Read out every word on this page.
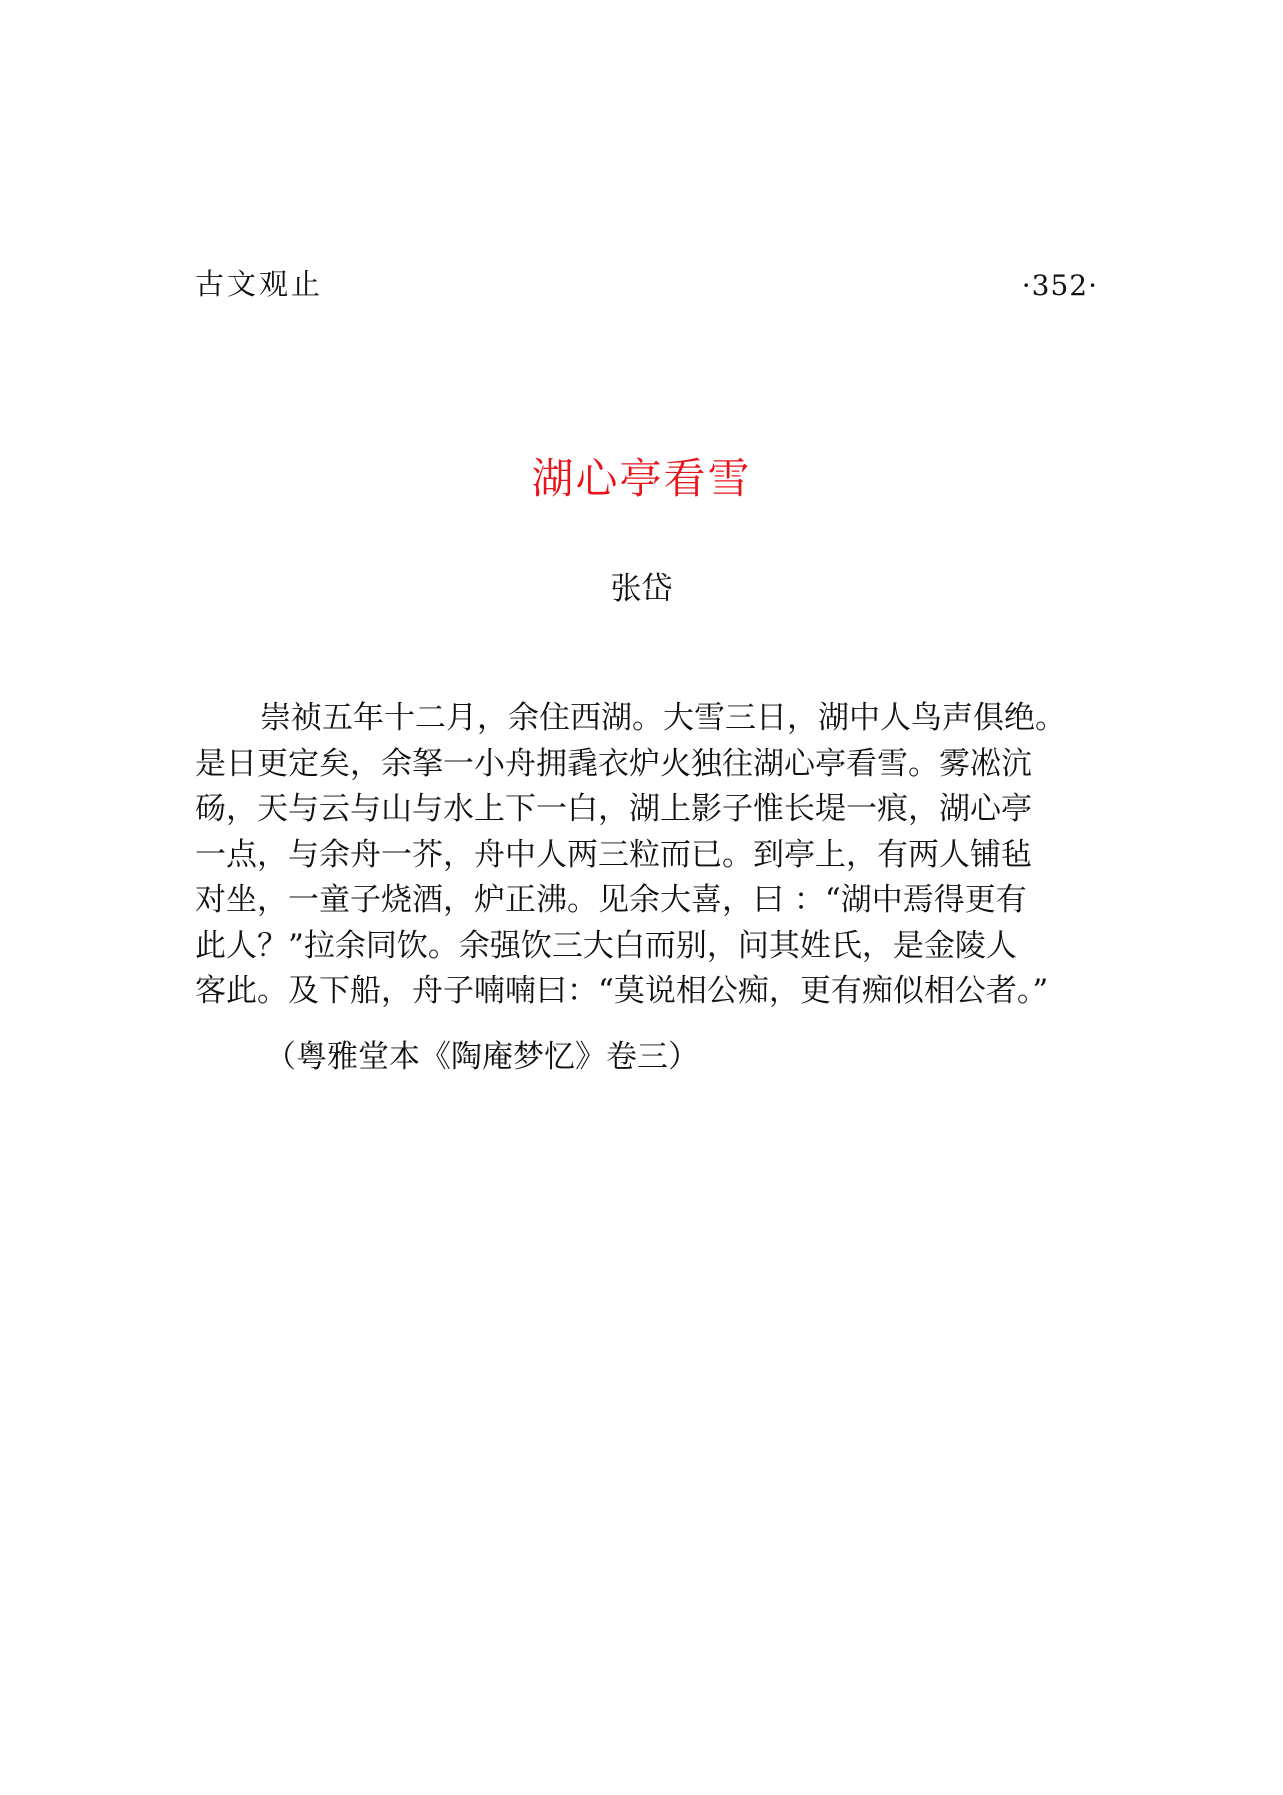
古文观止	·352·
湖心亭看雪
张岱
崇祯五年十二月，余住西湖。大雪三日，湖中人鸟声俱绝。
是日更定矣，余拏一小舟拥毳衣炉火独往湖心亭看雪。雾凇沆
砀，天与云与山与水上下一白，湖上影子惟长堤一痕，湖心亭
一点，与余舟一芥，舟中人两三粒而已。到亭上，有两人铺毡
对坐，一童子烧酒，炉正沸。见余大喜，曰 ：“湖中焉得更有
此人？”拉余同饮。余强饮三大白而别，问其姓氏，是金陵人
客此。及下船，舟子喃喃曰：“莫说相公痴，更有痴似相公者。”
（粤雅堂本《陶庵梦忆》卷三）
